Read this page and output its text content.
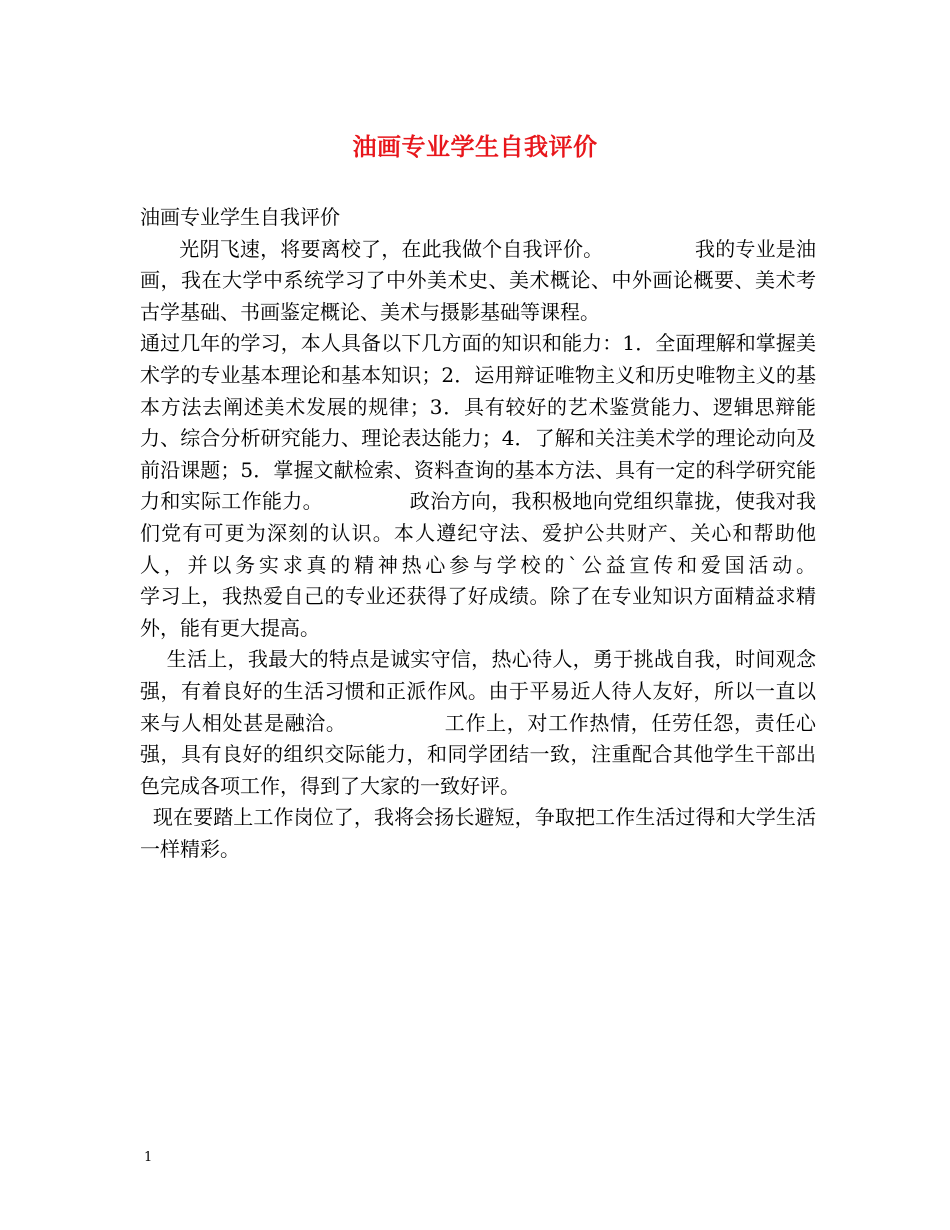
油画专业学生自我评价

油画专业学生自我评价

光阴飞速，将要离校了，在此我做个自我评价。              我的专业是油画，我在大学中系统学习了中外美术史、美术概论、中外画论概要、美术考古学基础、书画鉴定概论、美术与摄影基础等课程。

通过几年的学习，本人具备以下几方面的知识和能力：1．全面理解和掌握美术学的专业基本理论和基本知识；2．运用辩证唯物主义和历史唯物主义的基本方法去阐述美术发展的规律；3．具有较好的艺术鉴赏能力、逻辑思辩能力、综合分析研究能力、理论表达能力；4．了解和关注美术学的理论动向及前沿课题；5．掌握文献检索、资料查询的基本方法、具有一定的科学研究能力和实际工作能力。             政治方向，我积极地向党组织靠拢，使我对我们党有可更为深刻的认识。本人遵纪守法、爱护公共财产、关心和帮助他人，并以务实求真的精神热心参与学校的`公益宣传和爱国活动。              学习上，我热爱自己的专业还获得了好成绩。除了在专业知识方面精益求精外，能有更大提高。

生活上，我最大的特点是诚实守信，热心待人，勇于挑战自我，时间观念强，有着良好的生活习惯和正派作风。由于平易近人待人友好，所以一直以来与人相处甚是融洽。              工作上，对工作热情，任劳任怨，责任心强，具有良好的组织交际能力，和同学团结一致，注重配合其他学生干部出色完成各项工作，得到了大家的一致好评。

现在要踏上工作岗位了，我将会扬长避短，争取把工作生活过得和大学生活一样精彩。

1
